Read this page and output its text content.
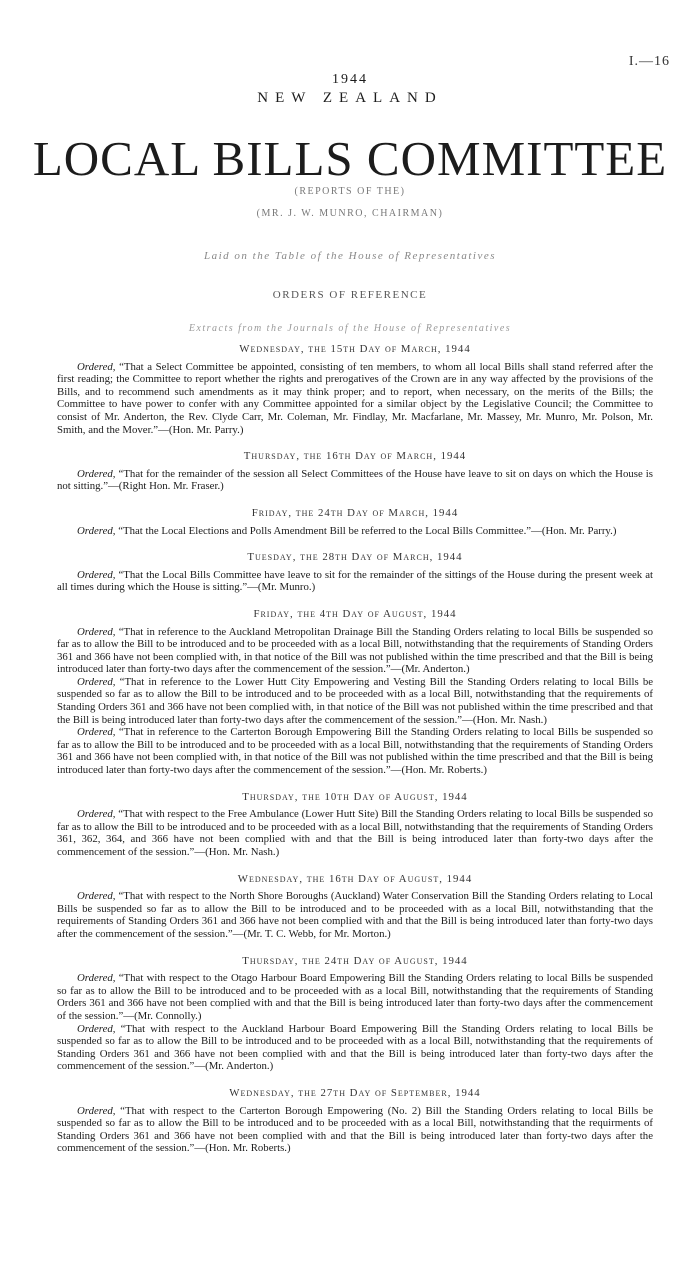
I.—16
1944
NEW ZEALAND
LOCAL BILLS COMMITTEE
(REPORTS OF THE)
(MR. J. W. MUNRO, CHAIRMAN)
Laid on the Table of the House of Representatives
ORDERS OF REFERENCE
Extracts from the Journals of the House of Representatives
Wednesday, the 15th Day of March, 1944

Ordered, “That a Select Committee be appointed, consisting of ten members, to whom all local Bills shall stand referred after the first reading; the Committee to report whether the rights and prerogatives of the Crown are in any way affected by the provisions of the Bills, and to recommend such amendments as it may think proper; and to report, when necessary, on the merits of the Bills; the Committee to have power to confer with any Committee appointed for a similar object by the Legislative Council; the Committee to consist of Mr. Anderton, the Rev. Clyde Carr, Mr. Coleman, Mr. Findlay, Mr. Macfarlane, Mr. Massey, Mr. Munro, Mr. Polson, Mr. Smith, and the Mover.”—(Hon. Mr. Parry.)

Thursday, the 16th Day of March, 1944

Ordered, “That for the remainder of the session all Select Committees of the House have leave to sit on days on which the House is not sitting.”—(Right Hon. Mr. Fraser.)

Friday, the 24th Day of March, 1944

Ordered, “That the Local Elections and Polls Amendment Bill be referred to the Local Bills Committee.”—(Hon. Mr. Parry.)

Tuesday, the 28th Day of March, 1944

Ordered, “That the Local Bills Committee have leave to sit for the remainder of the sittings of the House during the present week at all times during which the House is sitting.”—(Mr. Munro.)

Friday, the 4th Day of August, 1944

Ordered, “That in reference to the Auckland Metropolitan Drainage Bill the Standing Orders relating to local Bills be suspended so far as to allow the Bill to be introduced and to be proceeded with as a local Bill, notwithstanding that the requirements of Standing Orders 361 and 366 have not been complied with, in that notice of the Bill was not published within the time prescribed and that the Bill is being introduced later than forty-two days after the commencement of the session.”—(Mr. Anderton.)

Ordered, “That in reference to the Lower Hutt City Empowering and Vesting Bill the Standing Orders relating to local Bills be suspended so far as to allow the Bill to be introduced and to be proceeded with as a local Bill, notwithstanding that the requirements of Standing Orders 361 and 366 have not been complied with, in that notice of the Bill was not published within the time prescribed and that the Bill is being introduced later than forty-two days after the commencement of the session.”—(Hon. Mr. Nash.)

Ordered, “That in reference to the Carterton Borough Empowering Bill the Standing Orders relating to local Bills be suspended so far as to allow the Bill to be introduced and to be proceeded with as a local Bill, notwithstanding that the requirements of Standing Orders 361 and 366 have not been complied with, in that notice of the Bill was not published within the time prescribed and that the Bill is being introduced later than forty-two days after the commencement of the session.”—(Hon. Mr. Roberts.)

Thursday, the 10th Day of August, 1944

Ordered, “That with respect to the Free Ambulance (Lower Hutt Site) Bill the Standing Orders relating to local Bills be suspended so far as to allow the Bill to be introduced and to be proceeded with as a local Bill, notwithstanding that the requirements of Standing Orders 361, 362, 364, and 366 have not been complied with and that the Bill is being introduced later than forty-two days after the commencement of the session.”—(Hon. Mr. Nash.)

Wednesday, the 16th Day of August, 1944

Ordered, “That with respect to the North Shore Boroughs (Auckland) Water Conservation Bill the Standing Orders relating to Local Bills be suspended so far as to allow the Bill to be introduced and to be proceeded with as a local Bill, notwithstanding that the requirements of Standing Orders 361 and 366 have not been complied with and that the Bill is being introduced later than forty-two days after the commencement of the session.”—(Mr. T. C. Webb, for Mr. Morton.)

Thursday, the 24th Day of August, 1944

Ordered, “That with respect to the Otago Harbour Board Empowering Bill the Standing Orders relating to local Bills be suspended so far as to allow the Bill to be introduced and to be proceeded with as a local Bill, notwithstanding that the requirements of Standing Orders 361 and 366 have not been complied with and that the Bill is being introduced later than forty-two days after the commencement of the session.”—(Mr. Connolly.)

Ordered, “That with respect to the Auckland Harbour Board Empowering Bill the Standing Orders relating to local Bills be suspended so far as to allow the Bill to be introduced and to be proceeded with as a local Bill, notwithstanding that the requirements of Standing Orders 361 and 366 have not been complied with and that the Bill is being introduced later than forty-two days after the commencement of the session.”—(Mr. Anderton.)

Wednesday, the 27th Day of September, 1944

Ordered, “That with respect to the Carterton Borough Empowering (No. 2) Bill the Standing Orders relating to local Bills be suspended so far as to allow the Bill to be introduced and to be proceeded with as a local Bill, notwithstanding that the requirments of Standing Orders 361 and 366 have not been complied with and that the Bill is being introduced later than forty-two days after the commencement of the session.”—(Hon. Mr. Roberts.)
